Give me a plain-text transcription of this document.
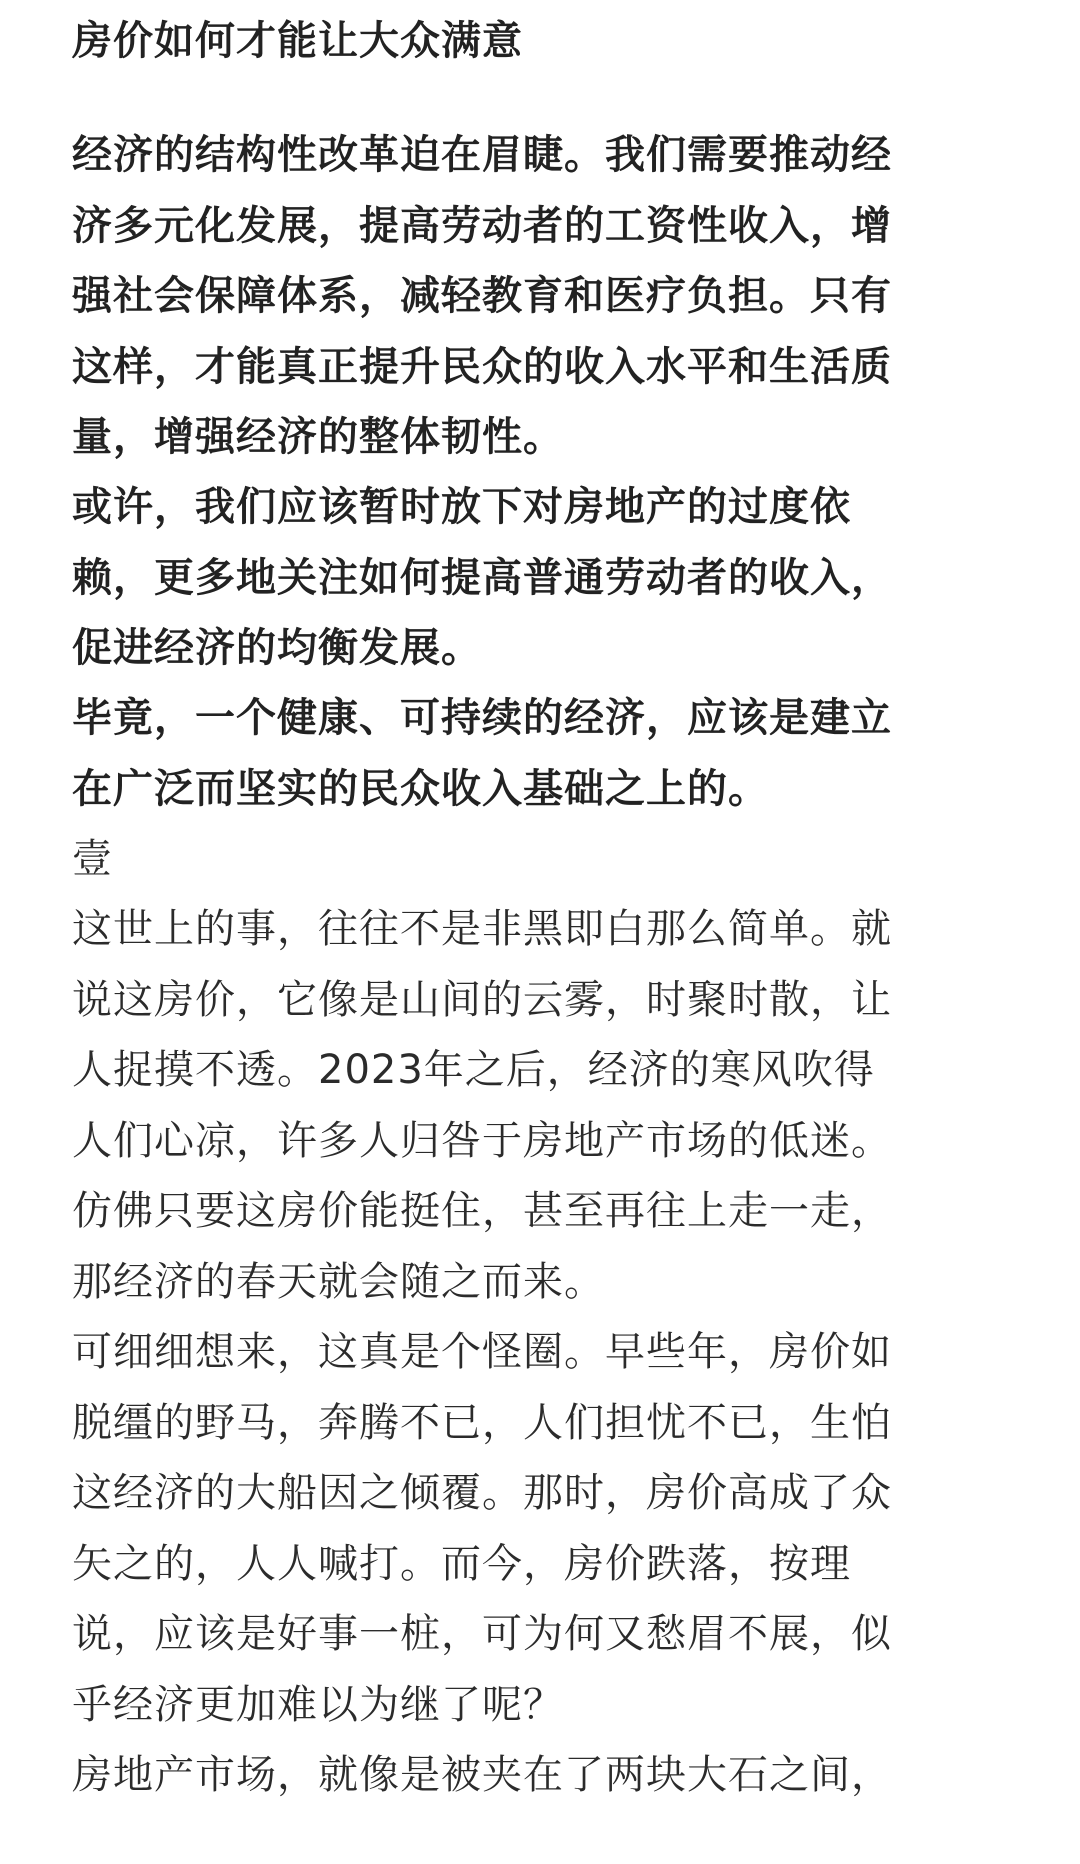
房价如何才能让大众满意
经济的结构性改革迫在眉睫。我们需要推动经
济多元化发展，提高劳动者的工资性收入，增
强社会保障体系，减轻教育和医疗负担。只有
这样，才能真正提升民众的收入水平和生活质
量，增强经济的整体韧性。
或许，我们应该暂时放下对房地产的过度依
赖，更多地关注如何提高普通劳动者的收入，
促进经济的均衡发展。
毕竟，一个健康、可持续的经济，应该是建立
在广泛而坚实的民众收入基础之上的。
壹
这世上的事，往往不是非黑即白那么简单。就
说这房价，它像是山间的云雾，时聚时散，让
人捉摸不透。2023年之后，经济的寒风吹得
人们心凉，许多人归咎于房地产市场的低迷。
仿佛只要这房价能挺住，甚至再往上走一走，
那经济的春天就会随之而来。
可细细想来，这真是个怪圈。早些年，房价如
脱缰的野马，奔腾不已，人们担忧不已，生怕
这经济的大船因之倾覆。那时，房价高成了众
矢之的，人人喊打。而今，房价跌落，按理
说，应该是好事一桩，可为何又愁眉不展，似
乎经济更加难以为继了呢？
房地产市场，就像是被夹在了两块大石之间，
